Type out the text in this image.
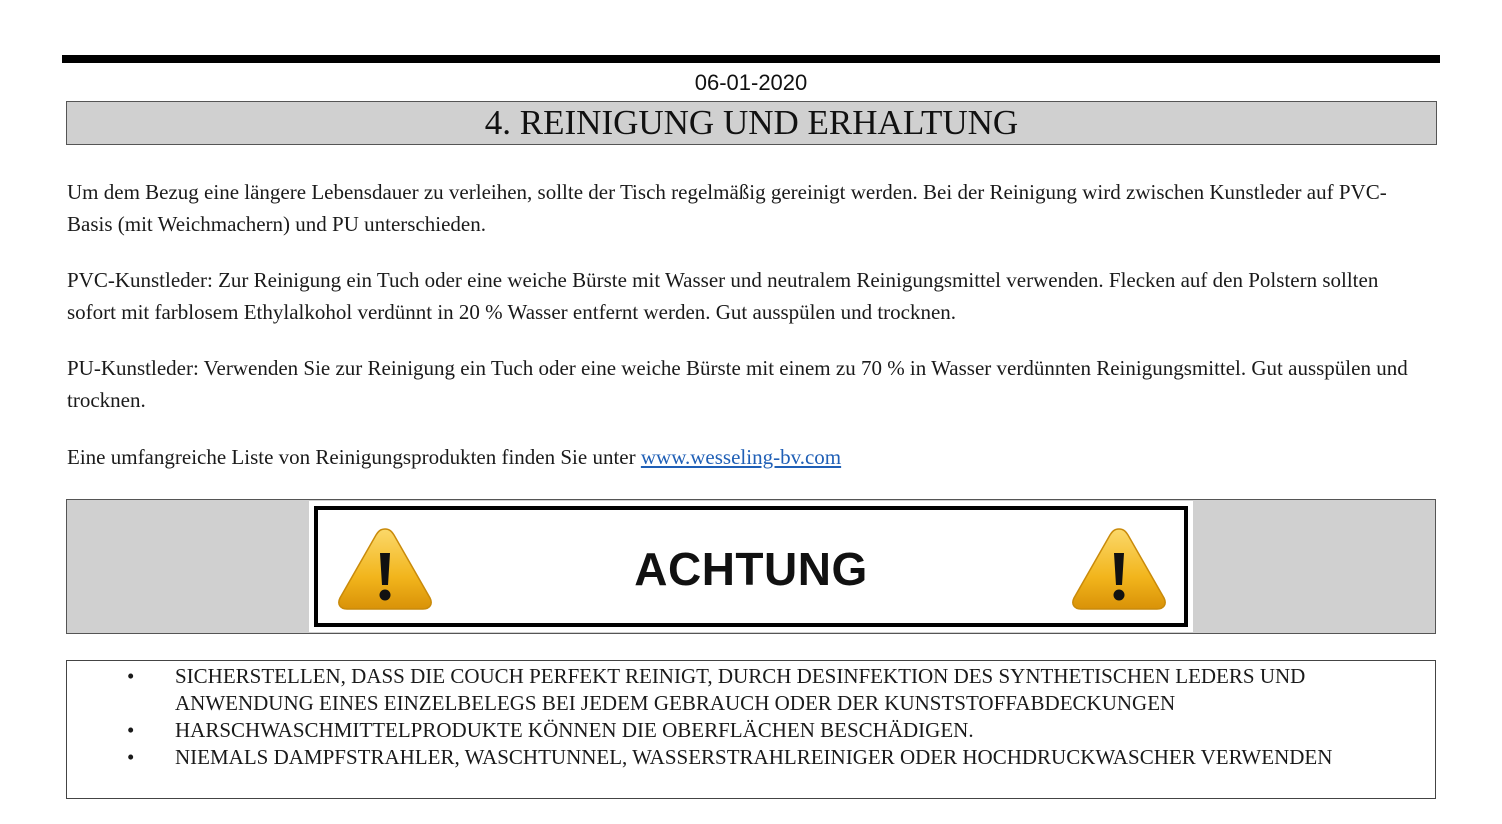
06-01-2020
4. REINIGUNG UND ERHALTUNG

Um dem Bezug eine längere Lebensdauer zu verleihen, sollte der Tisch regelmäßig gereinigt werden. Bei der Reinigung wird zwischen Kunstleder auf PVC-Basis (mit Weichmachern) und PU unterschieden.

PVC-Kunstleder: Zur Reinigung ein Tuch oder eine weiche Bürste mit Wasser und neutralem Reinigungsmittel verwenden. Flecken auf den Polstern sollten sofort mit farblosem Ethylalkohol verdünnt in 20 % Wasser entfernt werden. Gut ausspülen und trocknen.

PU-Kunstleder: Verwenden Sie zur Reinigung ein Tuch oder eine weiche Bürste mit einem zu 70 % in Wasser verdünnten Reinigungsmittel. Gut ausspülen und trocknen.

Eine umfangreiche Liste von Reinigungsprodukten finden Sie unter www.wesseling-bv.com

ACHTUNG
• SICHERSTELLEN, DASS DIE COUCH PERFEKT REINIGT, DURCH DESINFEKTION DES SYNTHETISCHEN LEDERS UND ANWENDUNG EINES EINZELBELEGS BEI JEDEM GEBRAUCH ODER DER KUNSTSTOFFABDECKUNGEN
• HARSCHWASCHMITTELPRODUKTE KÖNNEN DIE OBERFLÄCHEN BESCHÄDIGEN.
• NIEMALS DAMPFSTRAHLER, WASCHTUNNEL, WASSERSTRAHLREINIGER ODER HOCHDRUCKWASCHER VERWENDEN
